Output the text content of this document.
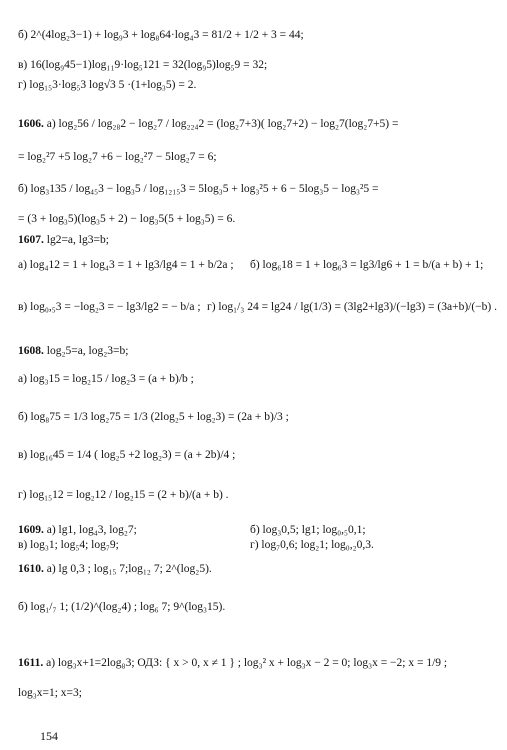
б) 2^(4log₂3−1) + log₉3 + log₈64·log₄3 = 81/2 + 1/2 + 3 = 44;
в) 16(log₉45−1)log₁₁9·log₅121 = 32(log₉5)log₅9 = 32;
г) log₁₅3·log₅3 log√3 5 ·(1+log₃5) = 2.
1606. а) log₂56 / log₂₈2 − log₂7 / log₂₂₄2 = (log₂7+3)( log₂7+2) − log₂7(log₂7+5) =
= log₂²7 +5 log₂7 +6 − log₂²7 − 5log₂7 = 6;
б) log₃135 / log₄₅3 − log₃5 / log₁₂₁₅3 = 5log₃5 + log₃²5 + 6 − 5log₃5 − log₃²5 =
= (3 + log₃5)(log₃5 + 2) − log₃5(5 + log₃5) = 6.
1607. lg2=a, lg3=b;
а) log₄12 = 1 + log₄3 = 1 + lg3/lg4 = 1 + b/2a ;	б) log₆18 = 1 + log₆3 = lg3/lg6 + 1 = b/(a + b) + 1;
в) log₀,₅3 = −log₂3 = − lg3/lg2 = − b/a ; г) log₁/₃ 24 = lg24 / lg(1/3) = (3lg2+lg3)/(−lg3) = (3a+b)/(−b) .
1608. log₂5=a, log₂3=b;
а) log₃15 = log₂15 / log₂3 = (a + b)/b ;
б) log₈75 = 1/3 log₂75 = 1/3 (2log₂5 + log₂3) = (2a + b)/3 ;
в) log₁₆45 = 1/4 ( log₂5 +2 log₂3) = (a + 2b)/4 ;
г) log₁₅12 = log₂12 / log₂15 = (2 + b)/(a + b) .
1609. а) lg1, log₄3, log₂7;	б) log₃0,5; lg1; log₀,₅0,1;
в) log₃1; log₅4; log₇9;	г) log₇0,6; log₂1; log₀,₂0,3.
1610. а) lg 0,3 ; log₁₅ 7;log₁₂ 7; 2^(log₂5).
б) log₁/₇ 1; (1/2)^(log₂4) ; log₆ 7; 9^(log₃15).
1611. а) log₃x+1=2log₈3; ОДЗ: { x > 0, x ≠ 1 } ; log₃² x + log₃x − 2 = 0; log₃x = −2; x = 1/9 ;
log₃x=1; x=3;
154
